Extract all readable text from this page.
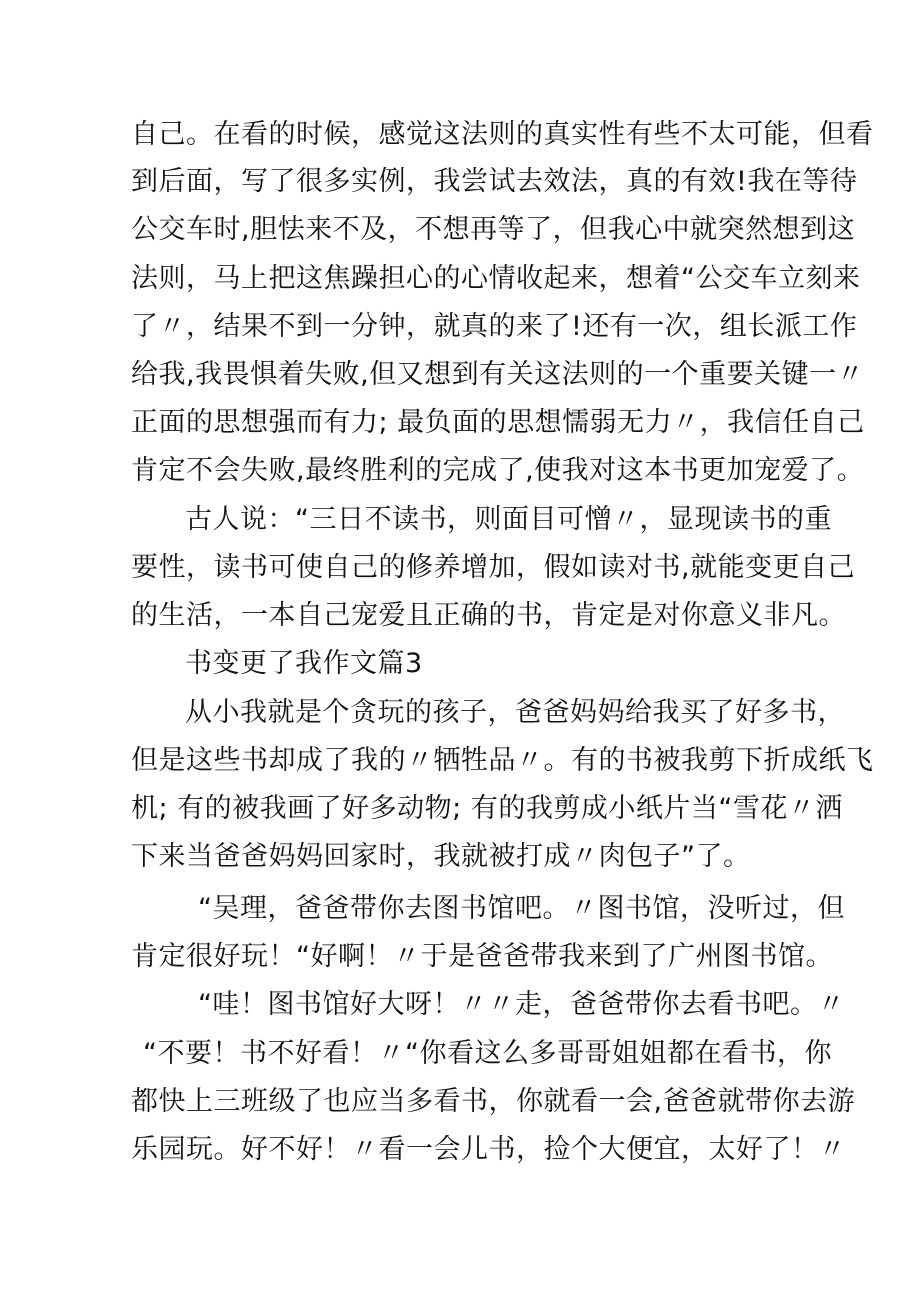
自己。在看的时候，感觉这法则的真实性有些不太可能，但看
到后面，写了很多实例，我尝试去效法，真的有效!我在等待
公交车时,胆怯来不及，不想再等了，但我心中就突然想到这
法则，马上把这焦躁担心的心情收起来，想着“公交车立刻来
了〃，结果不到一分钟，就真的来了!还有一次，组长派工作
给我,我畏惧着失败,但又想到有关这法则的一个重要关键一〃
正面的思想强而有力; 最负面的思想懦弱无力〃，我信任自己
肯定不会失败,最终胜利的完成了,使我对这本书更加宠爱了。
古人说：“三日不读书，则面目可憎〃，显现读书的重
要性，读书可使自己的修养增加，假如读对书,就能变更自己
的生活，一本自己宠爱且正确的书，肯定是对你意义非凡。
书变更了我作文篇3
从小我就是个贪玩的孩子，爸爸妈妈给我买了好多书，
但是这些书却成了我的〃牺牲品〃。有的书被我剪下折成纸飞
机; 有的被我画了好多动物; 有的我剪成小纸片当“雪花〃洒
下来当爸爸妈妈回家时，我就被打成〃肉包子”了。
“吴理，爸爸带你去图书馆吧。〃图书馆，没听过，但
肯定很好玩！“好啊！〃于是爸爸带我来到了广州图书馆。
“哇！图书馆好大呀！〃〃走，爸爸带你去看书吧。〃
“不要！书不好看！〃“你看这么多哥哥姐姐都在看书，你
都快上三班级了也应当多看书，你就看一会,爸爸就带你去游
乐园玩。好不好！〃看一会儿书，捡个大便宜，太好了！〃
